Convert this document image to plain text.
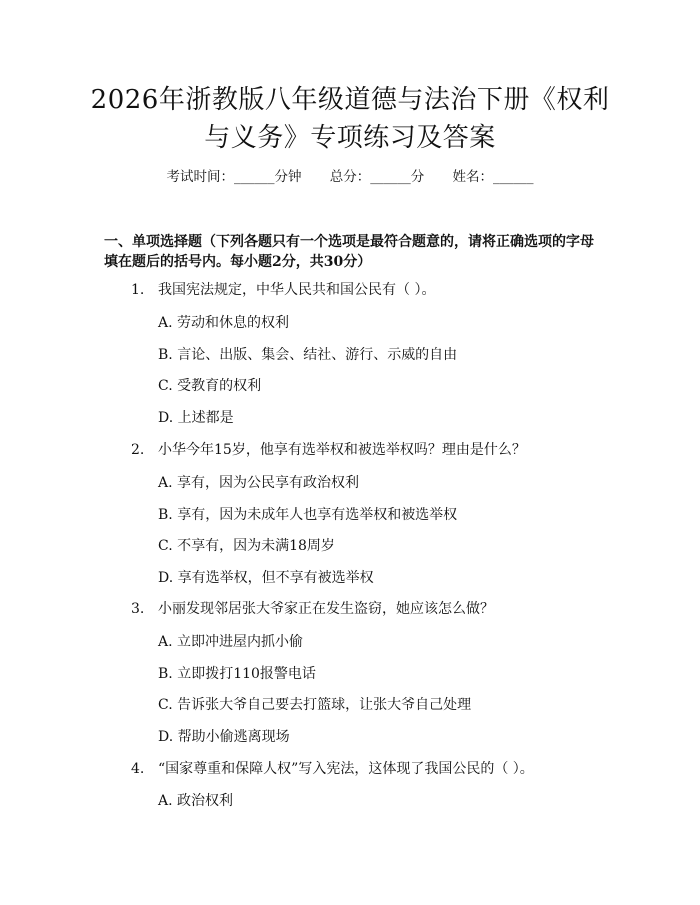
2026年浙教版八年级道德与法治下册《权利
与义务》专项练习及答案
考试时间：______分钟 总分：______分 姓名：______
一、单项选择题（下列各题只有一个选项是最符合题意的，请将正确选项的字母
填在题后的括号内。每小题2分，共30分）
1. 我国宪法规定，中华人民共和国公民有（ ）。
A. 劳动和休息的权利
B. 言论、出版、集会、结社、游行、示威的自由
C. 受教育的权利
D. 上述都是
2. 小华今年15岁，他享有选举权和被选举权吗？理由是什么？
A. 享有，因为公民享有政治权利
B. 享有，因为未成年人也享有选举权和被选举权
C. 不享有，因为未满18周岁
D. 享有选举权，但不享有被选举权
3. 小丽发现邻居张大爷家正在发生盗窃，她应该怎么做？
A. 立即冲进屋内抓小偷
B. 立即拨打110报警电话
C. 告诉张大爷自己要去打篮球，让张大爷自己处理
D. 帮助小偷逃离现场
4. “国家尊重和保障人权”写入宪法，这体现了我国公民的（ ）。
A. 政治权利
